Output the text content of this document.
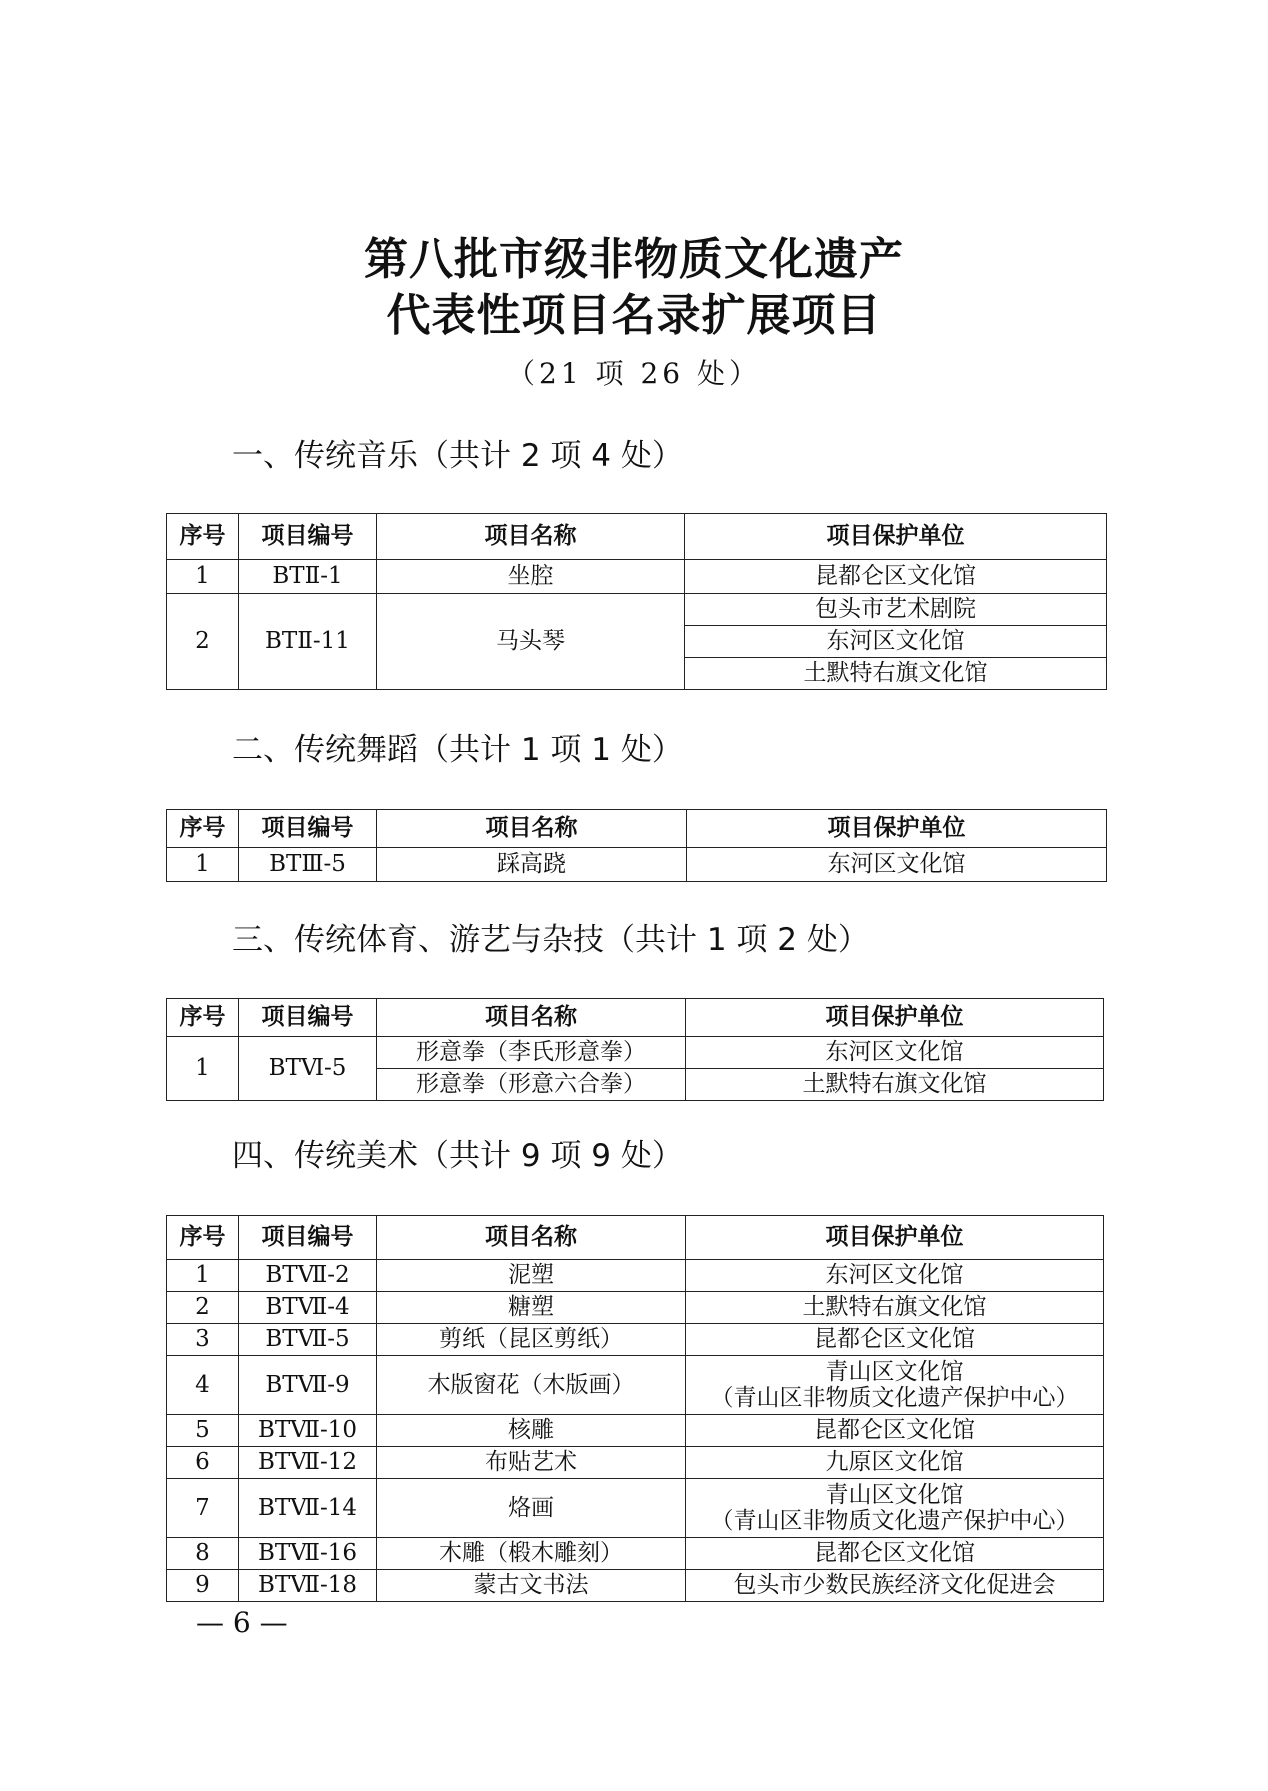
第八批市级非物质文化遗产
代表性项目名录扩展项目
（21 项 26 处）
一、传统音乐（共计 2 项 4 处）
序号	项目编号	项目名称	项目保护单位
1	BTⅡ-1	坐腔	昆都仑区文化馆
2	BTⅡ-11	马头琴	包头市艺术剧院
			东河区文化馆
			土默特右旗文化馆
二、传统舞蹈（共计 1 项 1 处）
序号	项目编号	项目名称	项目保护单位
1	BTⅢ-5	踩高跷	东河区文化馆
三、传统体育、游艺与杂技（共计 1 项 2 处）
序号	项目编号	项目名称	项目保护单位
1	BTⅥ-5	形意拳（李氏形意拳）	东河区文化馆
		形意拳（形意六合拳）	土默特右旗文化馆
四、传统美术（共计 9 项 9 处）
序号	项目编号	项目名称	项目保护单位
1	BTⅦ-2	泥塑	东河区文化馆
2	BTⅦ-4	糖塑	土默特右旗文化馆
3	BTⅦ-5	剪纸（昆区剪纸）	昆都仑区文化馆
4	BTⅦ-9	木版窗花（木版画）	青山区文化馆
（青山区非物质文化遗产保护中心）

5	BTⅦ-10	核雕	昆都仑区文化馆
6	BTⅦ-12	布贴艺术	九原区文化馆
7	BTⅦ-14	烙画	青山区文化馆
（青山区非物质文化遗产保护中心）

8	BTⅦ-16	木雕（椴木雕刻）	昆都仑区文化馆
9	BTⅦ-18	蒙古文书法	包头市少数民族经济文化促进会
— 6 —
